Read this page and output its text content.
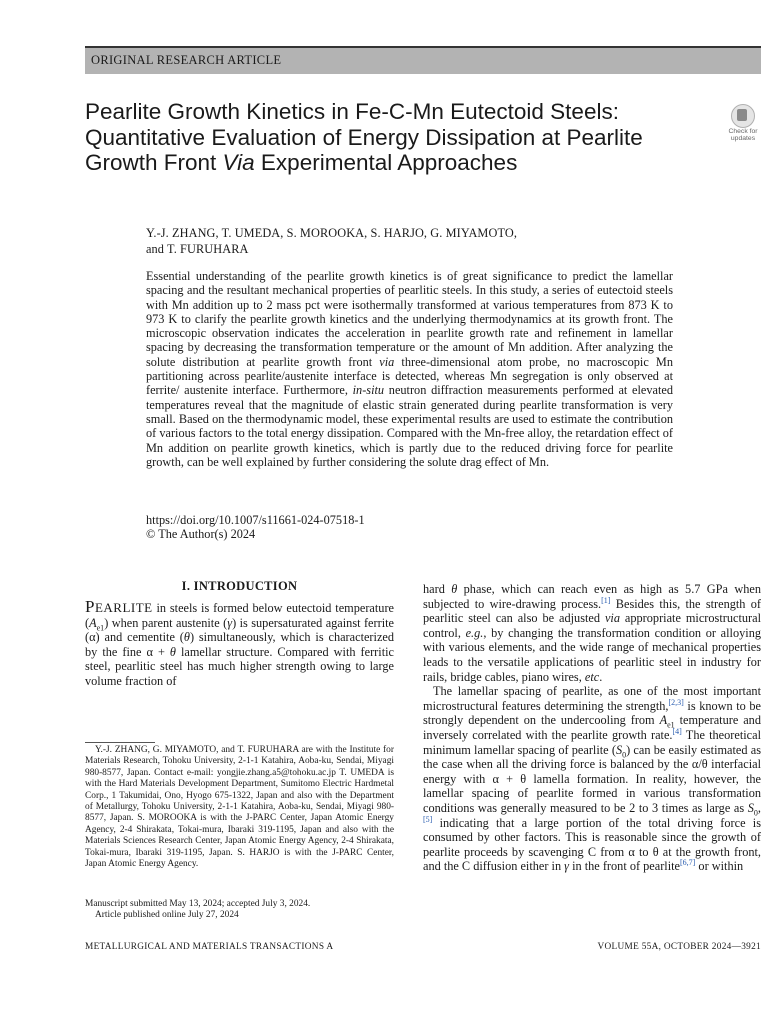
ORIGINAL RESEARCH ARTICLE
Pearlite Growth Kinetics in Fe-C-Mn Eutectoid Steels: Quantitative Evaluation of Energy Dissipation at Pearlite Growth Front Via Experimental Approaches
Check for
updates
Y.-J. ZHANG, T. UMEDA, S. MOROOKA, S. HARJO, G. MIYAMOTO,
and T. FURUHARA

Essential understanding of the pearlite growth kinetics is of great significance to predict the lamellar spacing and the resultant mechanical properties of pearlitic steels. In this study, a series of eutectoid steels with Mn addition up to 2 mass pct were isothermally transformed at various temperatures from 873 K to 973 K to clarify the pearlite growth kinetics and the underlying thermodynamics at its growth front. The microscopic observation indicates the acceleration in pearlite growth rate and refinement in lamellar spacing by decreasing the transformation temperature or the amount of Mn addition. After analyzing the solute distribution at pearlite growth front via three-dimensional atom probe, no macroscopic Mn partitioning across pearlite/austenite interface is detected, whereas Mn segregation is only observed at ferrite/ austenite interface. Furthermore, in-situ neutron diffraction measurements performed at elevated temperatures reveal that the magnitude of elastic strain generated during pearlite transformation is very small. Based on the thermodynamic model, these experimental results are used to estimate the contribution of various factors to the total energy dissipation. Compared with the Mn-free alloy, the retardation effect of Mn addition on pearlite growth kinetics, which is partly due to the reduced driving force for pearlite growth, can be well explained by further considering the solute drag effect of Mn.

https://doi.org/10.1007/s11661-024-07518-1
© The Author(s) 2024
I. INTRODUCTION

PEARLITE in steels is formed below eutectoid temperature $(A_{e1})$ when parent austenite (γ) is supersaturated against ferrite (α) and cementite (θ) simultaneously, which is characterized by the fine α + θ lamellar structure. Compared with ferritic steel, pearlitic steel has much higher strength owing to large volume fraction of

Y.-J. ZHANG, G. MIYAMOTO, and T. FURUHARA are with the Institute for Materials Research, Tohoku University, 2-1-1 Katahira, Aoba-ku, Sendai, Miyagi 980-8577, Japan. Contact e-mail: yongjie.zhang.a5@tohoku.ac.jp T. UMEDA is with the Hard Materials Development Department, Sumitomo Electric Hardmetal Corp., 1 Takumidai, Ono, Hyogo 675-1322, Japan and also with the Department of Metallurgy, Tohoku University, 2-1-1 Katahira, Aoba-ku, Sendai, Miyagi 980-8577, Japan. S. MOROOKA is with the J-PARC Center, Japan Atomic Energy Agency, 2-4 Shirakata, Tokai-mura, Ibaraki 319-1195, Japan and also with the Materials Sciences Research Center, Japan Atomic Energy Agency, 2-4 Shirakata, Tokai-mura, Ibaraki 319-1195, Japan. S. HARJO is with the J-PARC Center, Japan Atomic Energy Agency.

Manuscript submitted May 13, 2024; accepted July 3, 2024.
Article published online July 27, 2024

hard θ phase, which can reach even as high as 5.7 GPa when subjected to wire-drawing process.[1] Besides this, the strength of pearlitic steel can also be adjusted via appropriate microstructural control, e.g., by changing the transformation condition or alloying with various elements, and the wide range of mechanical properties leads to the versatile applications of pearlitic steel in industry for rails, bridge cables, piano wires, etc.

The lamellar spacing of pearlite, as one of the most important microstructural features determining the strength,[2,3] is known to be strongly dependent on the undercooling from $A_{e1}$ temperature and inversely correlated with the pearlite growth rate.[4] The theoretical minimum lamellar spacing of pearlite $(S_0)$ can be easily estimated as the case when all the driving force is balanced by the α/θ interfacial energy with α + θ lamella formation. In reality, however, the lamellar spacing of pearlite formed in various transformation conditions was generally measured to be 2 to 3 times as large as $S_0,[5]$ indicating that a large portion of the total driving force is consumed by other factors. This is reasonable since the growth of pearlite proceeds by scavenging C from α to θ at the growth front, and the C diffusion either in γ in the front of pearlite[6,7] or within

METALLURGICAL AND MATERIALS TRANSACTIONS A	VOLUME 55A, OCTOBER 2024—3921
